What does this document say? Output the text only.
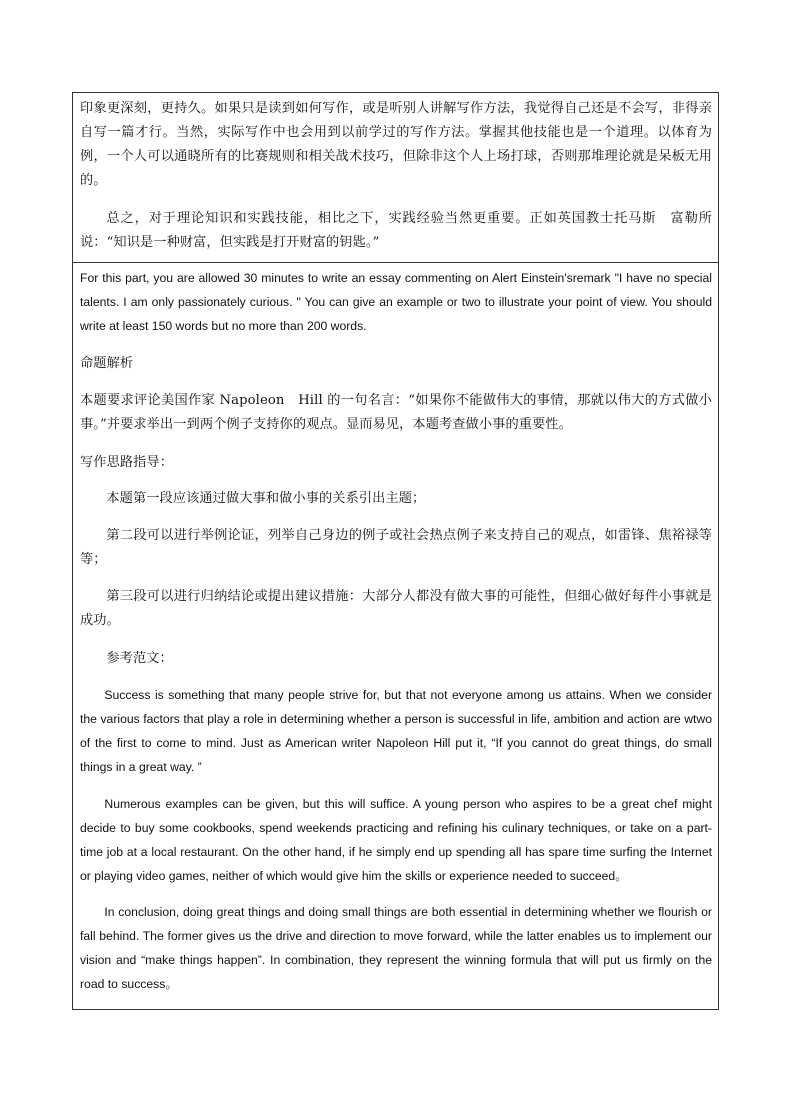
印象更深刻，更持久。如果只是读到如何写作，或是听别人讲解写作方法，我觉得自己还是不会写，非得亲自写一篇才行。当然，实际写作中也会用到以前学过的写作方法。掌握其他技能也是一个道理。以体育为例，一个人可以通晓所有的比赛规则和相关战术技巧，但除非这个人上场打球，否则那堆理论就是呆板无用的。

总之，对于理论知识和实践技能，相比之下，实践经验当然更重要。正如英国教士托马斯　富勒所说：“知识是一种财富，但实践是打开财富的钥匙。”

For this part, you are allowed 30 minutes to write an essay commenting on Alert Einstein'sremark "I have no special talents. I am only passionately curious. " You can give an example or two to illustrate your point of view. You should write at least 150 words but no more than 200 words.

命题解析

本题要求评论美国作家 Napoleon　Hill 的一句名言：“如果你不能做伟大的事情，那就以伟大的方式做小事。”并要求举出一到两个例子支持你的观点。显而易见，本题考查做小事的重要性。

写作思路指导：

本题第一段应该通过做大事和做小事的关系引出主题；

第二段可以进行举例论证，列举自己身边的例子或社会热点例子来支持自己的观点，如雷锋、焦裕禄等等；

第三段可以进行归纳结论或提出建议措施：大部分人都没有做大事的可能性，但细心做好每件小事就是成功。

参考范文：

Success is something that many people strive for, but that not everyone among us attains. When we consider the various factors that play a role in determining whether a person is successful in life, ambition and action are wtwo of the first to come to mind. Just as American writer Napoleon Hill put it, “If you cannot do great things, do small things in a great way. ”

Numerous examples can be given, but this will suffice. A young person who aspires to be a great chef might decide to buy some cookbooks, spend weekends practicing and refining his culinary techniques, or take on a part-time job at a local restaurant. On the other hand, if he simply end up spending all has spare time surfing the Internet or playing video games, neither of which would give him the skills or experience needed to succeed。

In conclusion, doing great things and doing small things are both essential in determining whether we flourish or fall behind. The former gives us the drive and direction to move forward, while the latter enables us to implement our vision and “make things happen”. In combination, they represent the winning formula that will put us firmly on the road to success。
